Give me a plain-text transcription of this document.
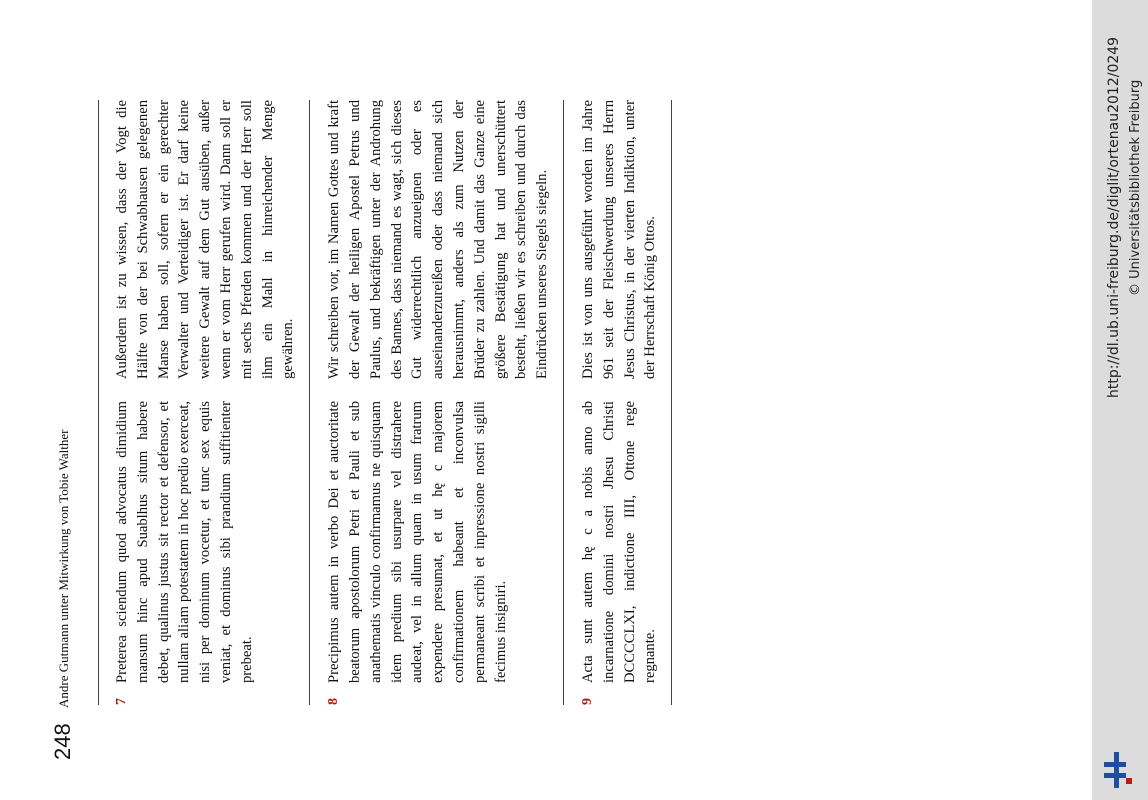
248
Andre Gutmann unter Mitwirkung von Tobie Walther	7
Preterea sciendum quod advocatus dimidium mansum hinc apud Suablhus situm habere debet, qualinus justus sit rector et defensor, et nullam aliam potestatem in hoc predio exerceat, nisi per dominum vocetur, et tunc sex equis veniat, et dominus sibi prandium suffitienter prebeat.
Außerdem ist zu wissen, dass der Vogt die Hälfte von der bei Schwabhausen gelegenen Manse haben soll, sofern er ein gerechter Verwalter und Verteidiger ist. Er darf keine weitere Gewalt auf dem Gut ausüben, außer wenn er vom Herr gerufen wird. Dann soll er mit sechs Pferden kommen und der Herr soll ihm ein Mahl in hinreichender Menge gewähren.
8
Precipimus autem in verbo Dei et auctoritate beatorum apostolorum Petri et Pauli et sub anathematis vinculo confirmamus ne quisquam idem predium sibi usurpare vel distrahere audeat, vel in allum quam in usum fratrum expendere presumat, et ut hę c majorem confirmationem habeant et inconvulsa permaneant scribi et inpressione nostri sigilli fecimus insigniri.
Wir schreiben vor, im Namen Gottes und kraft der Gewalt der heiligen Apostel Petrus und Paulus, und bekräftigen unter der Androhung des Bannes, dass niemand es wagt, sich dieses Gut widerrechtlich anzueignen oder es auseinanderzureißen oder dass niemand sich herausnimmt, anders als zum Nutzen der Brüder zu zahlen. Und damit das Ganze eine größere Bestätigung hat und unerschüttert besteht, ließen wir es schreiben und durch das Eindrücken unseres Siegels siegeln.
9
Acta sunt autem hę c a nobis anno ab incarnatione domini nostri Jhesu Christi DCCCCLXI, indictione IIII, Ottone rege regnante.
Dies ist von uns ausgeführt worden im Jahre 961 seit der Fleischwerdung unseres Herrn Jesus Christus, in der vierten Indiktion, unter der Herrschaft König Ottos.	http://dl.ub.uni-freiburg.de/diglit/ortenau2012/0249 © Universitätsbibliothek Freiburg
